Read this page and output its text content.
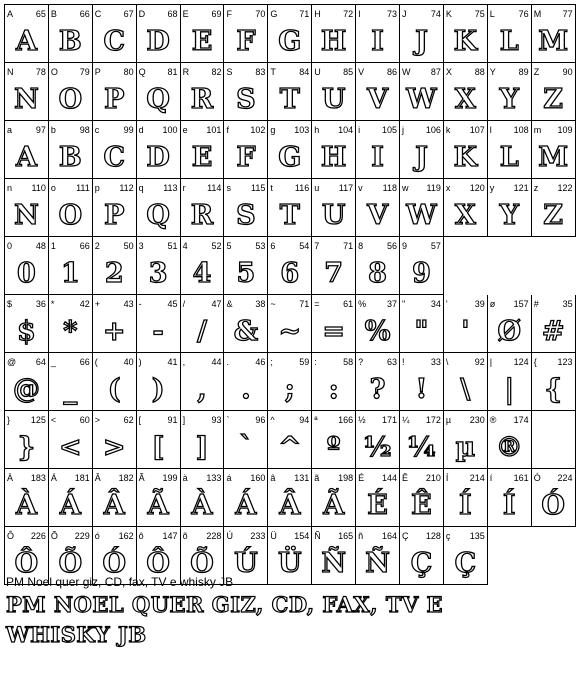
A	65
A
B	66
B
C 67
C
D 68
D
E	69
E
F	70
F
G 71
G
H 72
H
I	73
I
J	74
J
K	75
K
L	76
L
M 77
M
N 78
N
O 79
O
P	80
P
Q 81
Q
R 82
R
S	83
S
T	84
T
U 85
U
V	86
V
W 87
W
X	88
X
Y	89
Y
Z	90
Z
a	97
A
b	98
B
c	99
C
d 100
D
e 101
E
f 102
F
g 103
G
h 104
H
i 105
I
j 106
J
k 107
K
l 108
L
m 109
M
n 110
N
o 111
O
p 112
P
q 113
Q
r 114
R
s 115
S
t 116
T
u 117
U
v 118
V
w 119
W
x 120
X
y 121
Y
z 122
Z
0	48
0
1	66
1
2	50
2
3	51
3
4	52
4
5	53
5
6	54
6
7	71
7
8	56
8
9	57
9
$	36
$
*	42
*
+	43
+
-	45
-
/	47
/
&	38
&
~	71
~
=	61
=
% 37
%
"	34
"
'	39
'
ø 157
Ø
#	35
#
@ 64
@
_	66
_
(	40
(
)	41
)
,	44
,
.	46
.
;	59
;
:	58
:
?	63
?
!	33
!
\	92
\
| 124
|
{ 123
{
} 125
}
<	60
<
>	62
>
[	91
[
]	93
]
`	96
`
^	94
^
ª 166
º
½ 171
½
¼ 172
¼
µ 230
µ
® 174
®
À 183
À
Á 181
Á
Â 182
Â
Ã 199
Ã
à 133
À
á 160
Á
â 131
Â
ã 198
Ã
É 144
É
Ê 210
Ê
Í 214
Í
í 161
Í
Ó 224
Ó
Ô 226
Ô
Õ 229
Õ
ó 162
Ó
ô 147
Ô
õ 228
Õ
Ú 233
Ú
Ü 154
Ü
Ñ 165
Ñ
ñ 164
Ñ
Ç 128
Ç
ç 135
Ç
PM Noel quer giz, CD, fax, TV e whisky JB
PM NOEL QUER GIZ, CD, FAX, TV E
WHISKY JB
